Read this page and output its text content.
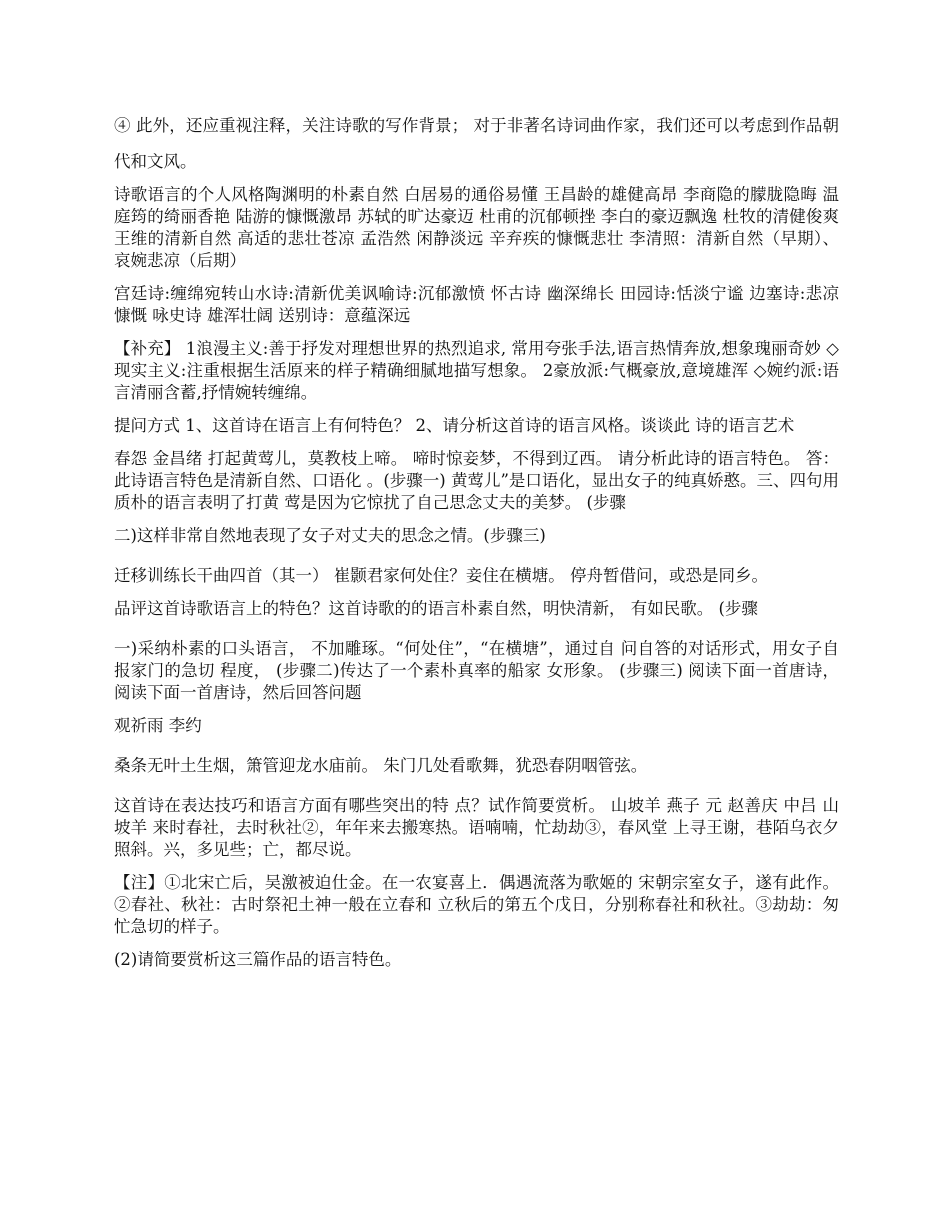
④ 此外，还应重视注释，关注诗歌的写作背景； 对于非著名诗词曲作家，我们还可以考虑到作品朝代和文风。

诗歌语言的个人风格陶渊明的朴素自然 白居易的通俗易懂 王昌龄的雄健高昂 李商隐的朦胧隐晦 温庭筠的绮丽香艳 陆游的慷慨激昂 苏轼的旷达豪迈 杜甫的沉郁顿挫 李白的豪迈飘逸 杜牧的清健俊爽 王维的清新自然 高适的悲壮苍凉 孟浩然 闲静淡远 辛弃疾的慷慨悲壮 李清照：清新自然（早期）、哀婉悲凉（后期）

宫廷诗:缠绵宛转山水诗:清新优美讽喻诗:沉郁激愤 怀古诗 幽深绵长 田园诗:恬淡宁谧 边塞诗:悲凉慷慨 咏史诗 雄浑壮阔 送别诗：意蕴深远

【补充】 1浪漫主义:善于抒发对理想世界的热烈追求, 常用夸张手法,语言热情奔放,想象瑰丽奇妙 ◇现实主义:注重根据生活原来的样子精确细腻地描写想象。 2豪放派:气概豪放,意境雄浑 ◇婉约派:语言清丽含蓄,抒情婉转缠绵。

提问方式 1、这首诗在语言上有何特色？ 2、请分析这首诗的语言风格。谈谈此 诗的语言艺术

春怨 金昌绪 打起黄莺儿，莫教枝上啼。 啼时惊妾梦，不得到辽西。 请分析此诗的语言特色。 答：此诗语言特色是清新自然、口语化 。(步骤一) 黄莺儿”是口语化，显出女子的纯真娇憨。三、四句用质朴的语言表明了打黄 莺是因为它惊扰了自己思念丈夫的美梦。 (步骤

二)这样非常自然地表现了女子对丈夫的思念之情。(步骤三)

迁移训练长干曲四首（其一） 崔颢君家何处住？妾住在横塘。 停舟暂借问，或恐是同乡。

品评这首诗歌语言上的特色？这首诗歌的的语言朴素自然，明快清新， 有如民歌。 (步骤

一)采纳朴素的口头语言， 不加雕琢。“何处住”，“在横塘”，通过自 问自答的对话形式，用女子自报家门的急切 程度， (步骤二)传达了一个素朴真率的船家 女形象。 (步骤三) 阅读下面一首唐诗， 阅读下面一首唐诗，然后回答问题

观祈雨 李约

桑条无叶土生烟，箫管迎龙水庙前。 朱门几处看歌舞，犹恐春阴咽管弦。

这首诗在表达技巧和语言方面有哪些突出的特 点？试作简要赏析。 山坡羊 燕子 元 赵善庆 中吕 山坡羊 来时春社，去时秋社②，年年来去搬寒热。语喃喃，忙劫劫③，春风堂 上寻王谢，巷陌乌衣夕照斜。兴，多见些；亡，都尽说。

【注】①北宋亡后，吴激被迫仕金。在一农宴喜上．偶遇流落为歌姬的 宋朝宗室女子，遂有此作。②春社、秋社：古时祭祀土神一般在立春和 立秋后的第五个戊日，分别称春社和秋社。③劫劫：匆忙急切的样子。

(2)请简要赏析这三篇作品的语言特色。
